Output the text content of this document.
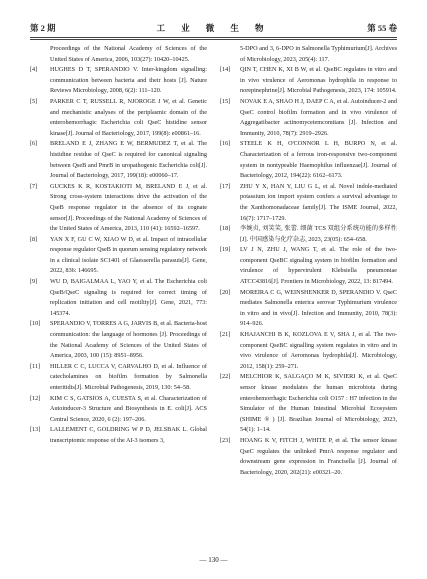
第 2 期	工 业 微 生 物	第 55 卷

Proceedings of the National Academy of Sciences of the United States of America, 2006, 103(27): 10420–10425.

[4] HUGHES D T, SPERANDIO V. Inter-kingdom signalling: communication between bacteria and their hosts [J]. Nature Reviews Microbiology, 2008, 6(2): 111–120.

[5] PARKER C T, RUSSELL R, NJOROGE J W, et al. Genetic and mechanistic analyses of the periplasmic domain of the enterohemorrhagic Escherichia coli QseC histidine sensor kinase[J]. Journal of Bacteriology, 2017, 199(8): e00861–16.

[6] BRELAND E J, ZHANG E W, BERMUDEZ T, et al. The histidine residue of QseC is required for canonical signaling between QseB and PmrB in uropathogenic Escherichia coli[J]. Journal of Bacteriology, 2017, 199(18): e00060–17.

[7] GUCKES K R, KOSTAKIOTI M, BRELAND E J, et al. Strong cross-system interactions drive the activation of the QseB response regulator in the absence of its cognate sensor[J]. Proceedings of the National Academy of Sciences of the United States of America, 2013, 110 (41): 16592–16597.

[8] YAN X F, GU C W, XIAO W D, et al. Impact of intracellular response regulator QseB in quorum sensing regulatory network in a clinical isolate SC1401 of Glaesserella parasuis[J]. Gene, 2022, 836: 146695.

[9] WU D, BAIGALMAA L, YAO Y, et al. The Escherichia coli QseB/QseC signaling is required for correct timing of replication initiation and cell motility[J]. Gene, 2021, 773: 145374.

[10] SPERANDIO V, TORRES A G, JARVIS B, et al. Bacteria-host communication: the language of hormones [J]. Proceedings of the National Academy of Sciences of the United States of America, 2003, 100 (15): 8951–8956.

[11] HILLER C C, LUCCA V, CARVALHO D, et al. Influence of catecholamines on biofilm formation by Salmonella enteritidis[J]. Microbial Pathogenesis, 2019, 130: 54–58.

[12] KIM C S, GATSIOS A, CUESTA S, et al. Characterization of Autoinducer-3 Structure and Biosynthesis in E. coli[J]. ACS Central Science, 2020, 6 (2): 197–206.

[13] LALLEMENT C, GOLDRING W P D, JELSBAK L. Global transcriptomic response of the AI-3 isomers 3,

5-DPO and 3, 6-DPO in Salmonella Typhimurium[J]. Archives of Microbiology, 2023, 205(4): 117.

[14] QIN T, CHEN K, XI B W, et al. QseBC regulates in vitro and in vivo virulence of Aeromonas hydrophila in response to norepinephrine[J]. Microbial Pathogenesis, 2023, 174: 105914.

[15] NOVAK E A, SHAO H J, DAEP C A, et al. Autoinducer-2 and QseC control biofilm formation and in vivo virulence of Aggregatibacter actinomycetemcomitans [J]. Infection and Immunity, 2010, 78(7): 2919–2926.

[16] STEELE K H, O'CONNOR L H, BURPO N, et al. Characterization of a ferrous iron-responsive two-component system in nontypeable Haemophilus influenzae[J]. Journal of Bacteriology, 2012, 194(22): 6162–6173.

[17] ZHU Y X, HAN Y, LIU G L, et al. Novel indole-mediated potassium ion import system confers a survival advantage to the Xanthomonadaceae family[J]. The ISME Journal, 2022, 16(7): 1717–1729.

[18] 李婉贞, 刘笑笑, 张蕾. 细菌 TCS 双组分系统功能的多样性[J]. 中国感染与化疗杂志, 2023, 23(05): 654–658.

[19] LV J N, ZHU J, WANG T, et al. The role of the two-component QseBC signaling system in biofilm formation and virulence of hypervirulent Klebsiella pneumoniae ATCC43816[J]. Frontiers in Microbiology, 2022, 13: 817494.

[20] MOREIRA C G, WEINSHENKER D, SPERANDIO V. QseC mediates Salmonella enterica serovar Typhimurium virulence in vitro and in vivo[J]. Infection and Immunity, 2010, 78(3): 914–926.

[21] KHAJANCHI B K, KOZLOVA E V, SHA J, et al. The two-component QseBC signalling system regulates in vitro and in vivo virulence of Aeromonas hydrophila[J]. Microbiology, 2012, 158(1): 259–271.

[22] MELCHIOR K, SALGAÇO M K, SIVIERI K, et al. QseC sensor kinase modulates the human microbiota during enterohemorrhagic Escherichia coli O157 : H7 infection in the Simulator of the Human Intestinal Microbial Ecosystem (SHIME ® ) [J]. Brazilian Journal of Microbiology, 2023, 54(1): 1–14.

[23] HOANG K V, FITCH J, WHITE P, et al. The sensor kinase QseC regulates the unlinked PmrA response regulator and downstream gene expression in Francisella [J]. Journal of Bacteriology, 2020, 202(21): e00321–20.

— 130 —
